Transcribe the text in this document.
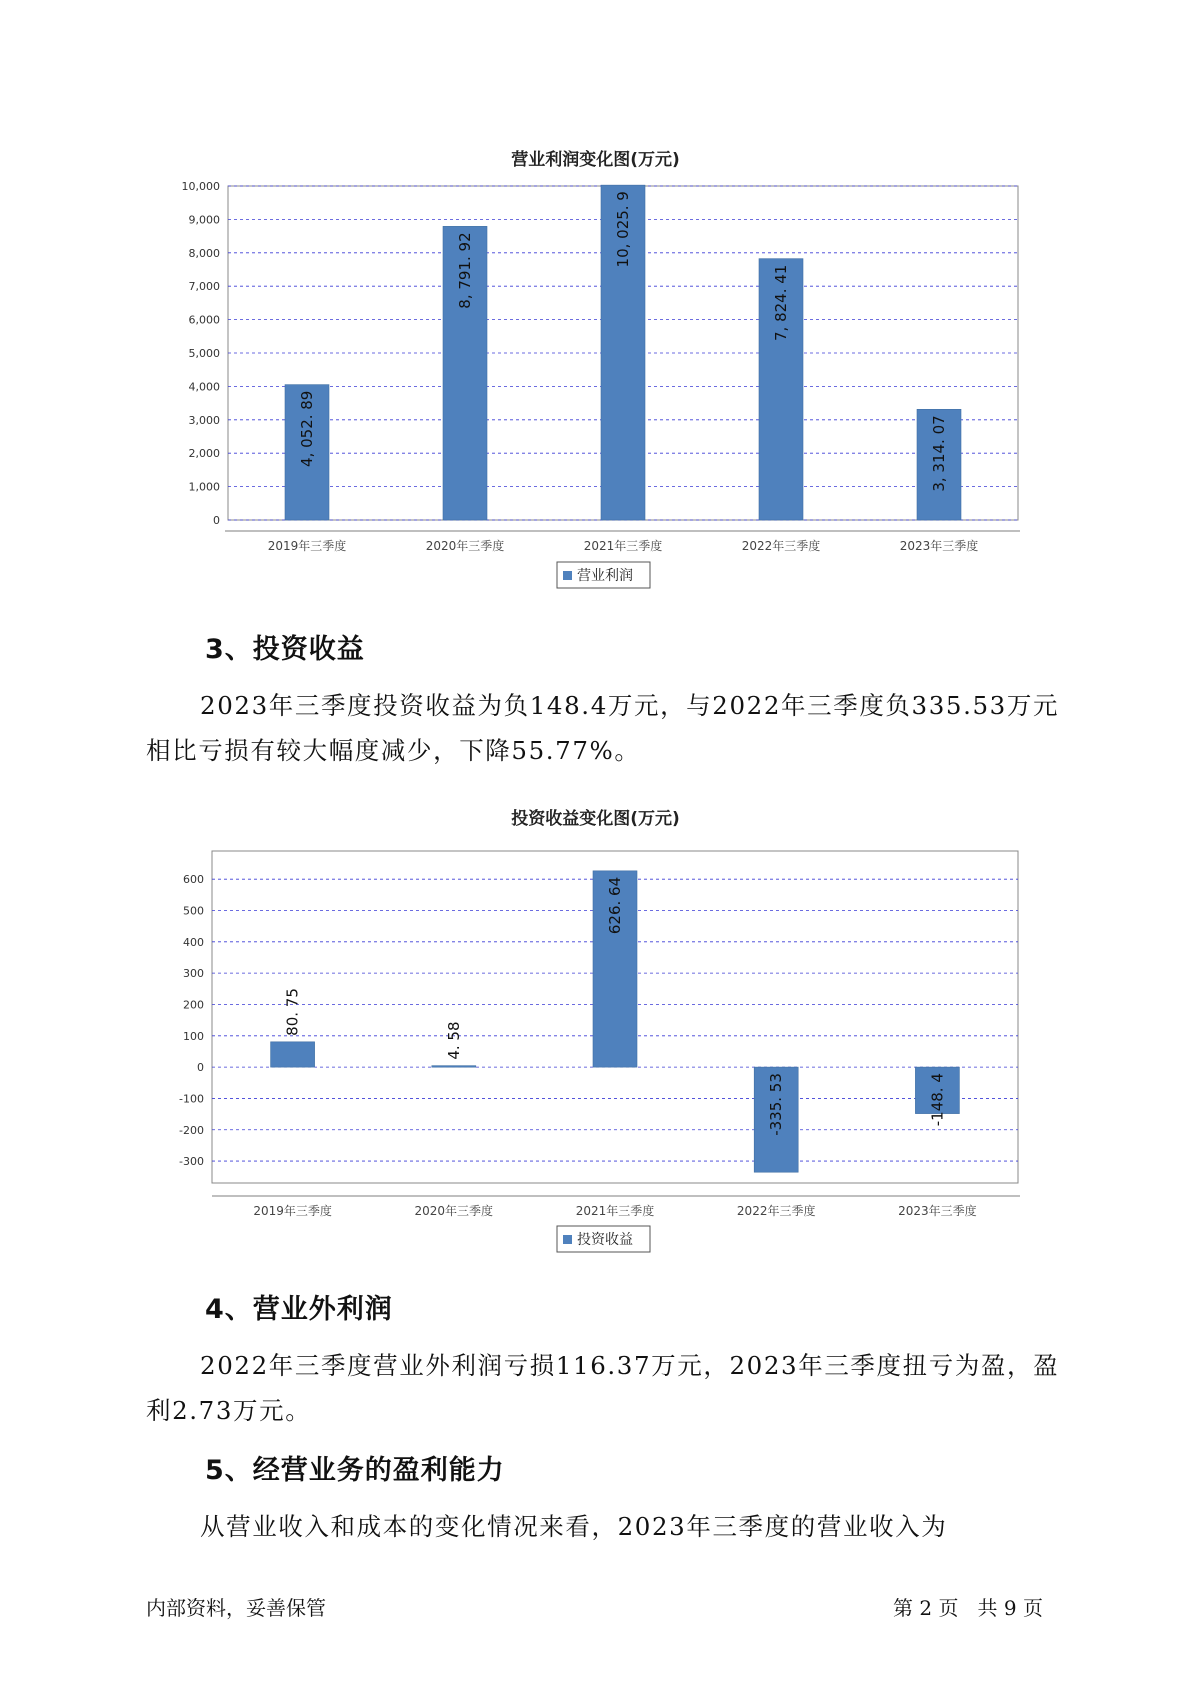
营业利润变化图(万元)
0
1,000
2,000
3,000
4,000
5,000
6,000
7,000
8,000
9,000
10,000
4, 052. 89
2019年三季度
8, 791. 92
2020年三季度
10, 025. 9
2021年三季度
7, 824. 41
2022年三季度
3, 314. 07
2023年三季度
营业利润
3、投资收益

2023年三季度投资收益为负148.4万元，与2022年三季度负335.53万元相比亏损有较大幅度减少，下降55.77%。

投资收益变化图(万元)
-300
-200
-100
0
100
200
300
400
500
600
80. 75
2019年三季度
4. 58
2020年三季度
626. 64
2021年三季度
-335. 53
2022年三季度
-148. 4
2023年三季度
投资收益
4、营业外利润

2022年三季度营业外利润亏损116.37万元，2023年三季度扭亏为盈，盈利2.73万元。

5、经营业务的盈利能力

从营业收入和成本的变化情况来看，2023年三季度的营业收入为

内部资料，妥善保管	第 2 页   共 9 页
